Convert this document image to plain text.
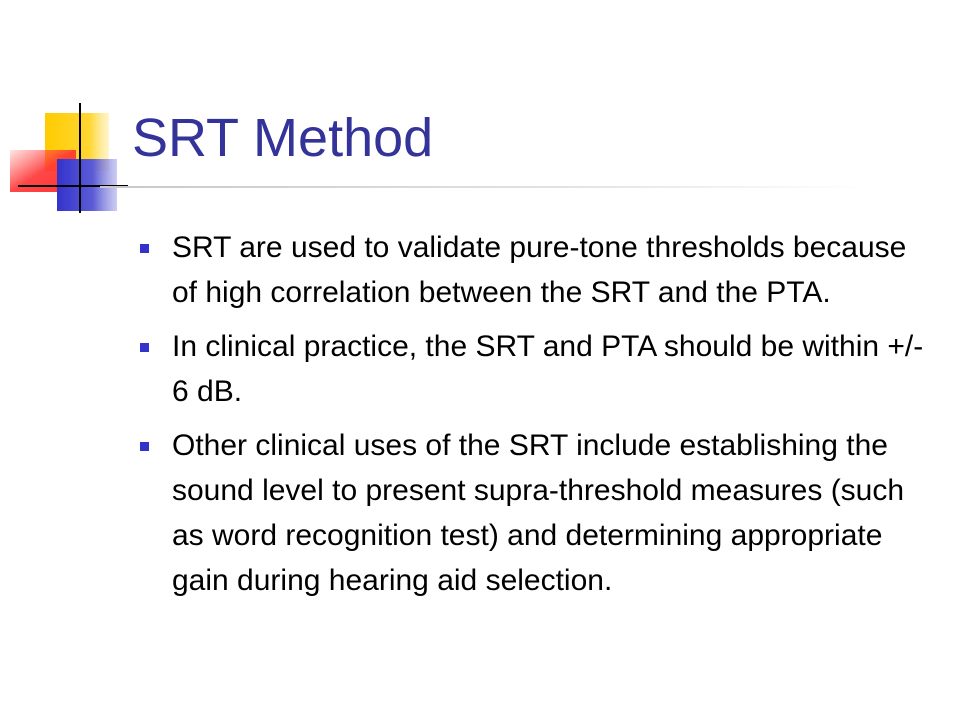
SRT Method
SRT are used to validate pure-tone thresholds because of high correlation between the SRT and the PTA.
In clinical practice, the SRT and PTA should be within +/- 6 dB.
Other clinical uses of the SRT include establishing the sound level to present supra-threshold measures (such as word recognition test) and determining appropriate gain during hearing aid selection.
